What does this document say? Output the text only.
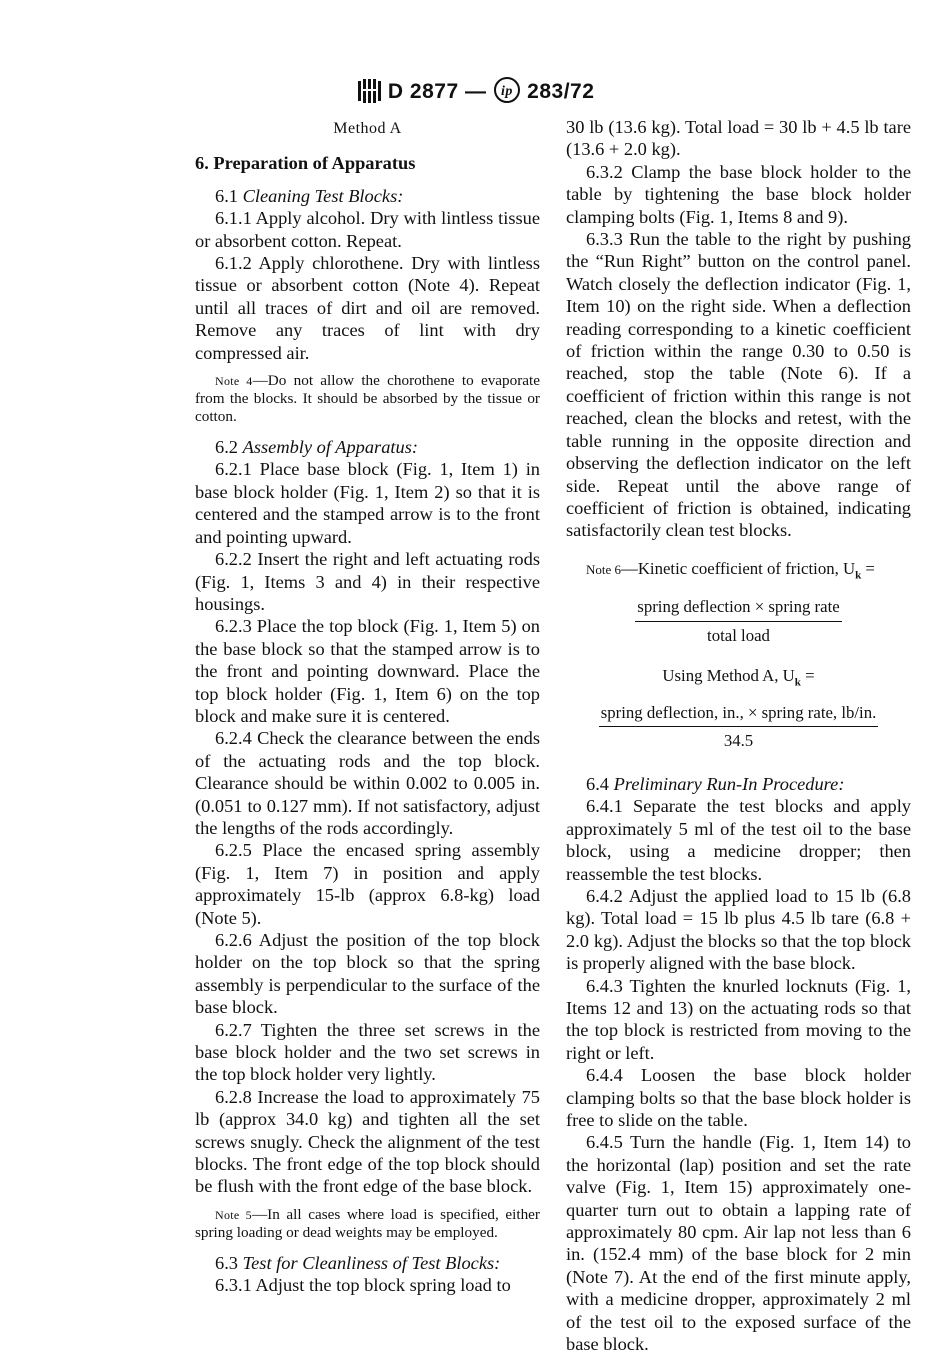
D 2877 — ip 283/72
Method A

6. Preparation of Apparatus

6.1 Cleaning Test Blocks:

6.1.1 Apply alcohol. Dry with lintless tissue or absorbent cotton. Repeat.

6.1.2 Apply chlorothene. Dry with lintless tissue or absorbent cotton (Note 4). Repeat until all traces of dirt and oil are removed. Remove any traces of lint with dry compressed air.

Note 4—Do not allow the chorothene to evaporate from the blocks. It should be absorbed by the tissue or cotton.

6.2 Assembly of Apparatus:

6.2.1 Place base block (Fig. 1, Item 1) in base block holder (Fig. 1, Item 2) so that it is centered and the stamped arrow is to the front and pointing upward.

6.2.2 Insert the right and left actuating rods (Fig. 1, Items 3 and 4) in their respective housings.

6.2.3 Place the top block (Fig. 1, Item 5) on the base block so that the stamped arrow is to the front and pointing downward. Place the top block holder (Fig. 1, Item 6) on the top block and make sure it is centered.

6.2.4 Check the clearance between the ends of the actuating rods and the top block. Clearance should be within 0.002 to 0.005 in. (0.051 to 0.127 mm). If not satisfactory, adjust the lengths of the rods accordingly.

6.2.5 Place the encased spring assembly (Fig. 1, Item 7) in position and apply approximately 15-lb (approx 6.8-kg) load (Note 5).

6.2.6 Adjust the position of the top block holder on the top block so that the spring assembly is perpendicular to the surface of the base block.

6.2.7 Tighten the three set screws in the base block holder and the two set screws in the top block holder very lightly.

6.2.8 Increase the load to approximately 75 lb (approx 34.0 kg) and tighten all the set screws snugly. Check the alignment of the test blocks. The front edge of the top block should be flush with the front edge of the base block.

Note 5—In all cases where load is specified, either spring loading or dead weights may be employed.

6.3 Test for Cleanliness of Test Blocks:

6.3.1 Adjust the top block spring load to

30 lb (13.6 kg). Total load = 30 lb + 4.5 lb tare (13.6 + 2.0 kg).

6.3.2 Clamp the base block holder to the table by tightening the base block holder clamping bolts (Fig. 1, Items 8 and 9).

6.3.3 Run the table to the right by pushing the “Run Right” button on the control panel. Watch closely the deflection indicator (Fig. 1, Item 10) on the right side. When a deflection reading corresponding to a kinetic coefficient of friction within the range 0.30 to 0.50 is reached, stop the table (Note 6). If a coefficient of friction within this range is not reached, clean the blocks and retest, with the table running in the opposite direction and observing the deflection indicator on the left side. Repeat until the above range of coefficient of friction is obtained, indicating satisfactorily clean test blocks.

Note 6—Kinetic coefficient of friction, $U_k$ =

spring deflection × spring rate
total load
Using Method A, $U_k$ =
spring deflection, in., × spring rate, lb/in.
34.5

6.4 Preliminary Run-In Procedure:

6.4.1 Separate the test blocks and apply approximately 5 ml of the test oil to the base block, using a medicine dropper; then reassemble the test blocks.

6.4.2 Adjust the applied load to 15 lb (6.8 kg). Total load = 15 lb plus 4.5 lb tare (6.8 + 2.0 kg). Adjust the blocks so that the top block is properly aligned with the base block.

6.4.3 Tighten the knurled locknuts (Fig. 1, Items 12 and 13) on the actuating rods so that the top block is restricted from moving to the right or left.

6.4.4 Loosen the base block holder clamping bolts so that the base block holder is free to slide on the table.

6.4.5 Turn the handle (Fig. 1, Item 14) to the horizontal (lap) position and set the rate valve (Fig. 1, Item 15) approximately one-quarter turn out to obtain a lapping rate of approximately 80 cpm. Air lap not less than 6 in. (152.4 mm) of the base block for 2 min (Note 7). At the end of the first minute apply, with a medicine dropper, approximately 2 ml of the test oil to the exposed surface of the base block.
